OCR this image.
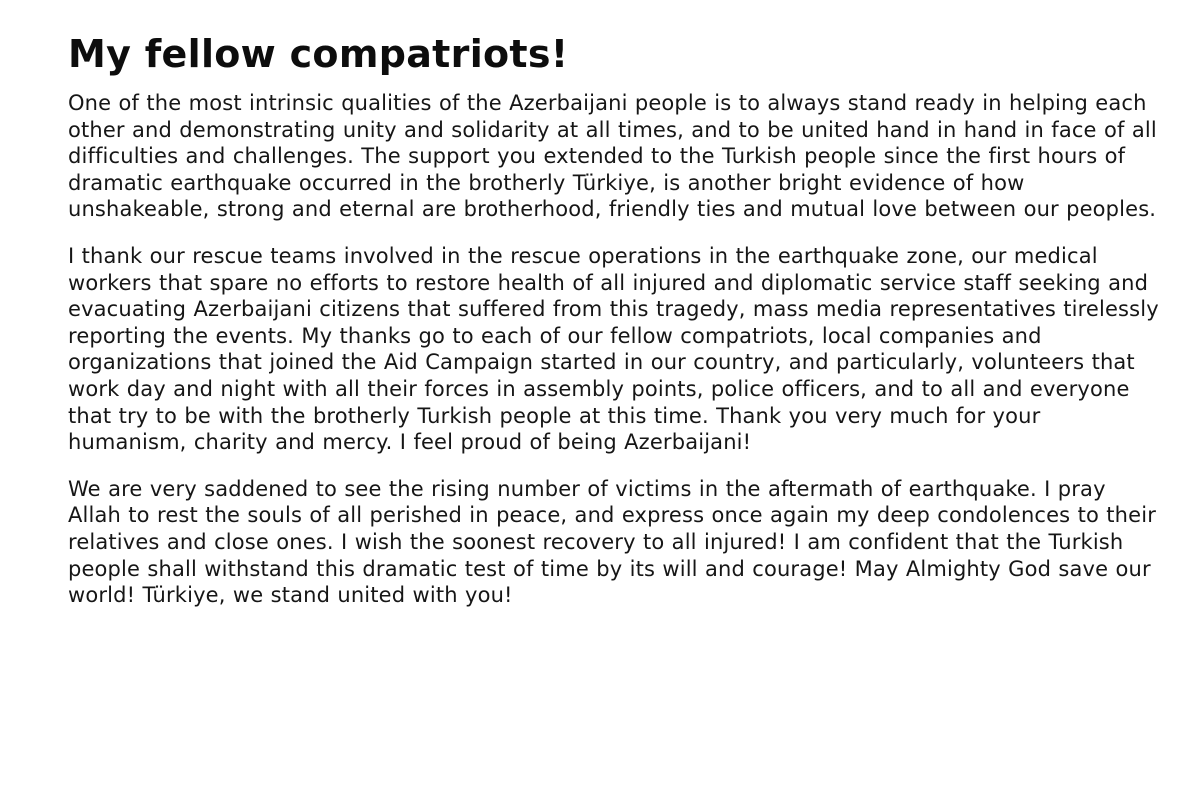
My fellow compatriots!

One of the most intrinsic qualities of the Azerbaijani people is to always stand ready in helping each other and demonstrating unity and solidarity at all times, and to be united hand in hand in face of all difficulties and challenges. The support you extended to the Turkish people since the first hours of dramatic earthquake occurred in the brotherly Türkiye, is another bright evidence of how unshakeable, strong and eternal are brotherhood, friendly ties and mutual love between our peoples.

I thank our rescue teams involved in the rescue operations in the earthquake zone, our medical workers that spare no efforts to restore health of all injured and diplomatic service staff seeking and evacuating Azerbaijani citizens that suffered from this tragedy, mass media representatives tirelessly reporting the events. My thanks go to each of our fellow compatriots, local companies and organizations that joined the Aid Campaign started in our country, and particularly, volunteers that work day and night with all their forces in assembly points, police officers, and to all and everyone that try to be with the brotherly Turkish people at this time. Thank you very much for your humanism, charity and mercy. I feel proud of being Azerbaijani!

We are very saddened to see the rising number of victims in the aftermath of earthquake. I pray Allah to rest the souls of all perished in peace, and express once again my deep condolences to their relatives and close ones. I wish the soonest recovery to all injured! I am confident that the Turkish people shall withstand this dramatic test of time by its will and courage! May Almighty God save our world! Türkiye, we stand united with you!
